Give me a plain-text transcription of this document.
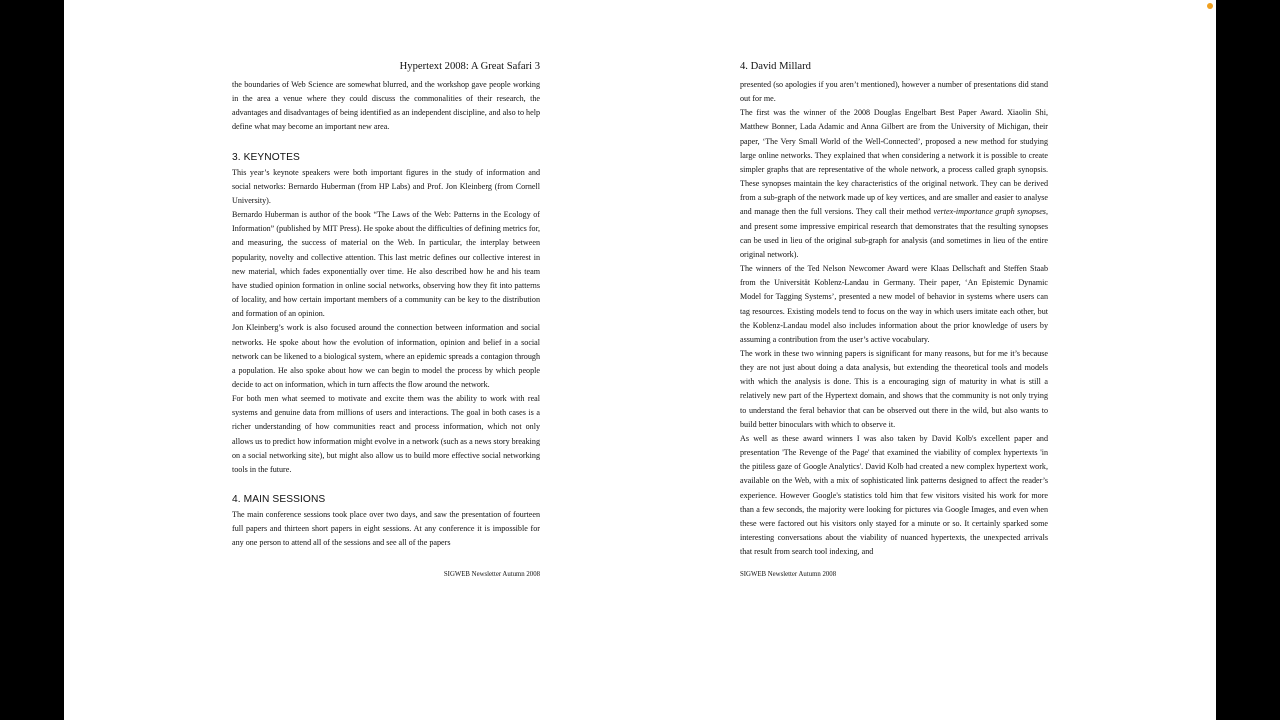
Hypertext 2008: A Great Safari 3

the boundaries of Web Science are somewhat blurred, and the workshop gave people working in the area a venue where they could discuss the commonalities of their research, the advantages and disadvantages of being identified as an independent discipline, and also to help define what may become an important new area.

3. KEYNOTES

This year’s keynote speakers were both important figures in the study of information and social networks: Bernardo Huberman (from HP Labs) and Prof. Jon Kleinberg (from Cornell University).

Bernardo Huberman is author of the book “The Laws of the Web: Patterns in the Ecology of Information” (published by MIT Press). He spoke about the difficulties of defining metrics for, and measuring, the success of material on the Web. In particular, the interplay between popularity, novelty and collective attention. This last metric defines our collective interest in new material, which fades exponentially over time. He also described how he and his team have studied opinion formation in online social networks, observing how they fit into patterns of locality, and how certain important members of a community can be key to the distribution and formation of an opinion.

Jon Kleinberg’s work is also focused around the connection between information and social networks. He spoke about how the evolution of information, opinion and belief in a social network can be likened to a biological system, where an epidemic spreads a contagion through a population. He also spoke about how we can begin to model the process by which people decide to act on information, which in turn affects the flow around the network.

For both men what seemed to motivate and excite them was the ability to work with real systems and genuine data from millions of users and interactions. The goal in both cases is a richer understanding of how communities react and process information, which not only allows us to predict how information might evolve in a network (such as a news story breaking on a social networking site), but might also allow us to build more effective social networking tools in the future.

4. MAIN SESSIONS

The main conference sessions took place over two days, and saw the presentation of fourteen full papers and thirteen short papers in eight sessions. At any conference it is impossible for any one person to attend all of the sessions and see all of the papers

SIGWEB Newsletter Autumn 2008
4. David Millard

presented (so apologies if you aren’t mentioned), however a number of presentations did stand out for me.

The first was the winner of the 2008 Douglas Engelbart Best Paper Award. Xiaolin Shi, Matthew Bonner, Lada Adamic and Anna Gilbert are from the University of Michigan, their paper, ‘The Very Small World of the Well-Connected’, proposed a new method for studying large online networks. They explained that when considering a network it is possible to create simpler graphs that are representative of the whole network, a process called graph synopsis. These synopses maintain the key characteristics of the original network. They can be derived from a sub-graph of the network made up of key vertices, and are smaller and easier to analyse and manage then the full versions. They call their method vertex-importance graph synopses, and present some impressive empirical research that demonstrates that the resulting synopses can be used in lieu of the original sub-graph for analysis (and sometimes in lieu of the entire original network).

The winners of the Ted Nelson Newcomer Award were Klaas Dellschaft and Steffen Staab from the Universität Koblenz-Landau in Germany. Their paper, ‘An Epistemic Dynamic Model for Tagging Systems’, presented a new model of behavior in systems where users can tag resources. Existing models tend to focus on the way in which users imitate each other, but the Koblenz-Landau model also includes information about the prior knowledge of users by assuming a contribution from the user’s active vocabulary.

The work in these two winning papers is significant for many reasons, but for me it’s because they are not just about doing a data analysis, but extending the theoretical tools and models with which the analysis is done. This is a encouraging sign of maturity in what is still a relatively new part of the Hypertext domain, and shows that the community is not only trying to understand the feral behavior that can be observed out there in the wild, but also wants to build better binoculars with which to observe it.

As well as these award winners I was also taken by David Kolb's excellent paper and presentation 'The Revenge of the Page' that examined the viability of complex hypertexts 'in the pitiless gaze of Google Analytics'. David Kolb had created a new complex hypertext work, available on the Web, with a mix of sophisticated link patterns designed to affect the reader’s experience. However Google's statistics told him that few visitors visited his work for more than a few seconds, the majority were looking for pictures via Google Images, and even when these were factored out his visitors only stayed for a minute or so. It certainly sparked some interesting conversations about the viability of nuanced hypertexts, the unexpected arrivals that result from search tool indexing, and

SIGWEB Newsletter Autumn 2008
